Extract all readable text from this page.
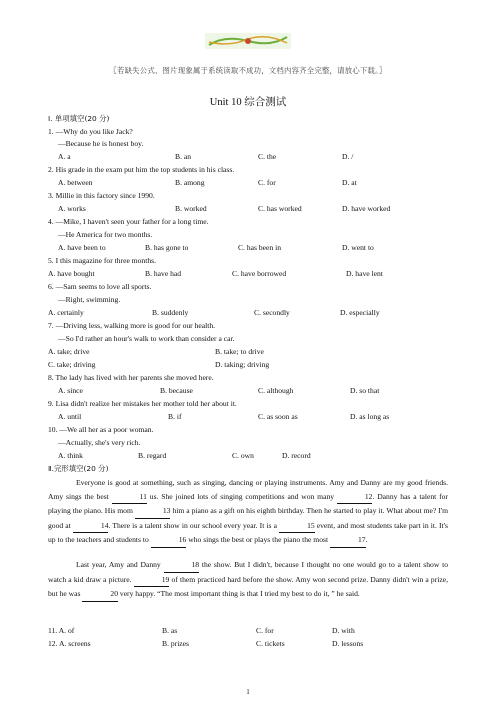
〖若缺失公式、图片现象属于系统读取不成功，文档内容齐全完整，请放心下载。〗
Unit 10 综合测试
Ⅰ. 单项填空(20 分)
1. —Why do you like Jack?
—Because he is honest boy.
A. a	B. an	C. the	D. /
2. His grade in the exam put him the top students in his class.
A. between	B. among	C. for	D. at
3. Millie in this factory since 1990.
A. works	B. worked	C. has worked	D. have worked
4. —Mike, I haven't seen your father for a long time.
—He America for two months.
A. have been to	B. has gone to	C. has been in	D. went to
5. I this magazine for three months.
A. have bought	B. have had	C. have borrowed	D. have lent
6. —Sam seems to love all sports.
—Right, swimming.
A. certainly	B. suddenly	C. secondly	D. especially
7. —Driving less, walking more is good for our health.
—So I'd rather an hour's walk to work than consider a car.
A. take; drive	B. take; to drive
C. take; driving	D. taking; driving
8. The lady has lived with her parents she moved here.
A. since	B. because	C. although	D. so that
9. Lisa didn't realize her mistakes her mother told her about it.
A. until	B. if	C. as soon as	D. as long as
10. —We all her as a poor woman.
—Actually, she's very rich.
A. think	B. regard	C. own	D. record
Ⅱ.完形填空(20 分)
Everyone is good at something, such as singing, dancing or playing instruments. Amy and Danny are my good friends. Amy sings the best	11 us. She joined lots of singing competitions and won many	12. Danny has a talent for playing the piano. His mom	13 him a piano as a gift on his eighth birthday. Then he started to play it. What about me? I'm good at	14. There is a talent show in our school every year. It is a	15 event, and most students take part in it. It's up to the teachers and students to	16 who sings the best or plays the piano the most	17.
Last year, Amy and Danny	18 the show. But I didn't, because I thought no one would go to a talent show to watch a kid draw a picture.	19 of them practiced hard before the show. Amy won second prize. Danny didn't win a prize, but he was	20 very happy. “The most important thing is that I tried my best to do it, ” he said.
11. A. of	B. as	C. for	D. with
12. A. screens	B. prizes	C. tickets	D. lessons
1
